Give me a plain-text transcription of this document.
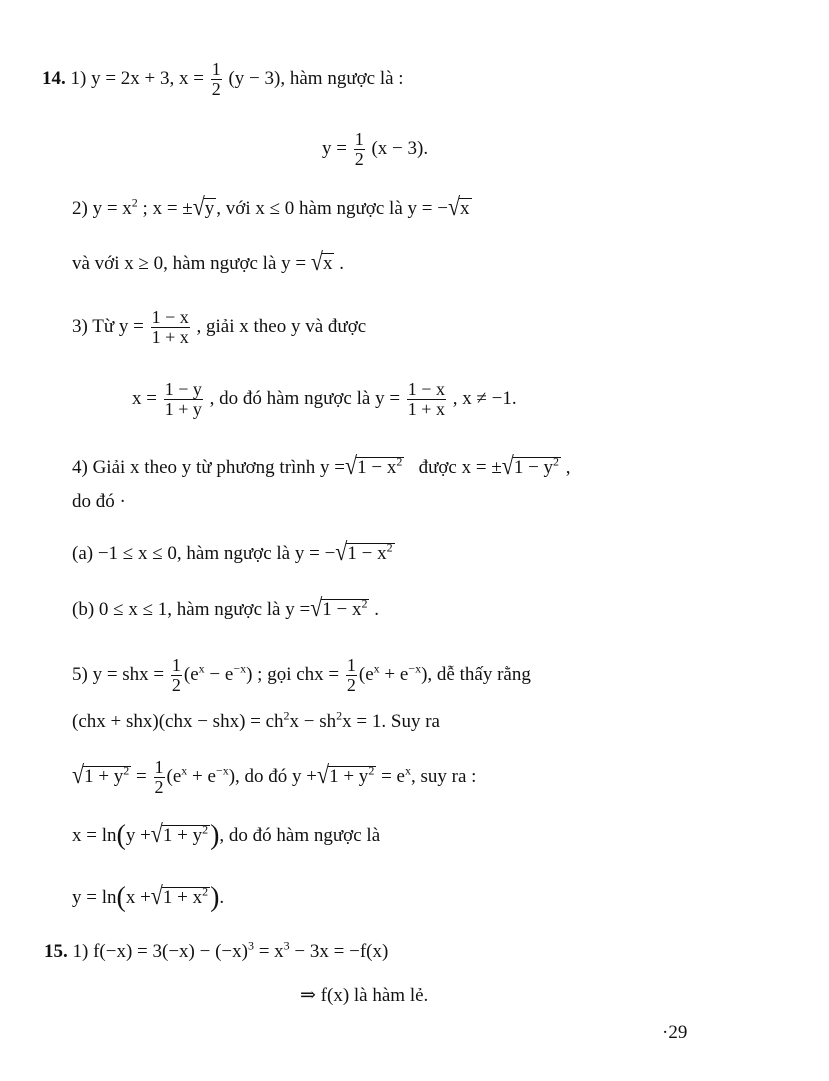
14. 1) y = 2x + 3, $x = \frac{1}{2} (y - 3)$, hàm ngược là :
$y = \frac{1}{2} (x - 3)$.
2) $y = x^2$ ; x = ±√y , với x ≤ 0 hàm ngược là y = −√x
và với x ≥ 0, hàm ngược là y = √x .
3) Từ $y = \frac{1 - x}{1 + x}$ , giải x theo y và được
$x = \frac{1 - y}{1 + y}$ , do đó hàm ngược là $y = \frac{1 - x}{1 + x}$ , x ≠ −1.
4) Giải x theo y từ phương trình $y =√1 - x^2$ được $x = \pm√1 - y^2$ ,
do đó ·
(a) −1 ≤ x ≤ 0, hàm ngược là $y = -√1 - x^2$
(b) 0 ≤ x ≤ 1, hàm ngược là $y =√1 - x^2$ .
5) y = shx = $\frac{1}{2} (e^x - e^{-x})$ ; gọi chx = $\frac{1}{2} (e^x + e^{-x})$, dễ thấy rằng
$(chx + shx)(chx - shx) = ch^2x - sh^2x = 1$. Suy ra
$√1 + y^2 = \frac{1}{2} (e^x + e^{-x})$, do đó $y +√1 + y^2 = e^x$, suy ra :
$x = \ln(y +√1 + y^2)$, do đó hàm ngược là
$y = \ln(x +√1 + x^2)$.
15. 1) $f(-x) = 3(-x) - (-x)^3 = x^3 - 3x = -f(x)$
⇒ f(x) là hàm lẻ.
·29
